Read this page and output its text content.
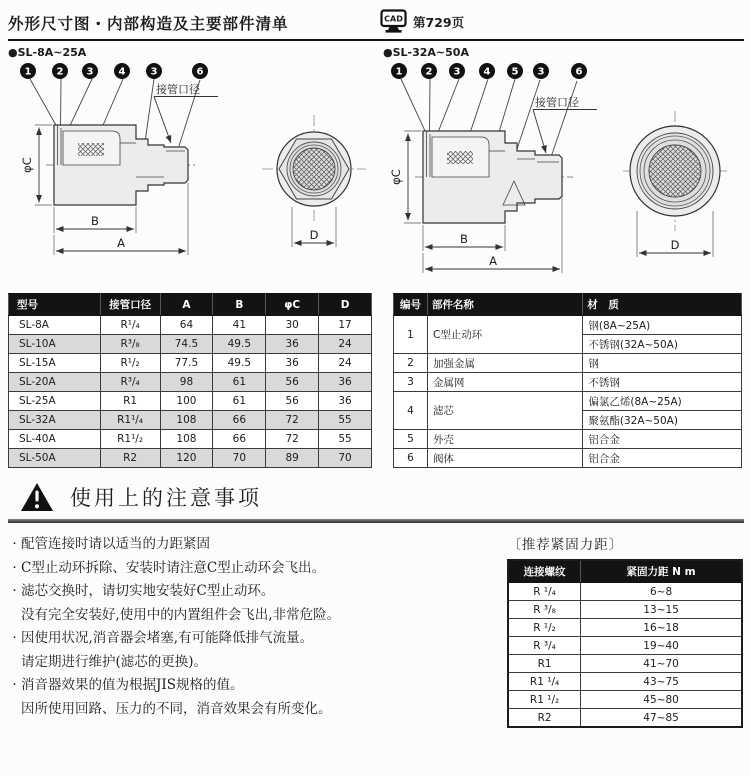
外形尺寸图・内部构造及主要部件清单	CAD 第729页
●SL-8A~25A
1	2 3	4	3	6
接管口径
φC
B
A
D
●SL-32A~50A
1 2 3 4 5 3	6
接管口径
φC
B
A
D
型号	接管口径	A	B	φC	D
SL-8A	R¹/₄	64	41	30	17
SL-10A	R³/₈	74.5	49.5	36	24
SL-15A	R¹/₂	77.5	49.5	36	24
SL-20A	R³/₄	98	61	56	36
SL-25A	R1	100	61	56	36
SL-32A	R1¹/₄	108	66	72	55
SL-40A	R1¹/₂	108	66	72	55
SL-50A	R2	120	70	89	70
编号	部件名称	材　质
1	C型止动环	钢(8A~25A)
		不锈钢(32A~50A)
2	加强金属	钢
3	金属网	不锈钢
4	滤芯	偏氯乙烯(8A~25A)
		聚氨酯(32A~50A)
5	外壳	铝合金
6	阀体	铝合金
使用上的注意事项
· 配管连接时请以适当的力距紧固
· C型止动环拆除、安装时请注意C型止动环会飞出。
· 滤芯交换时，请切实地安装好C型止动环。
没有完全安装好,使用中的内置组件会飞出,非常危险。
· 因使用状况,消音器会堵塞,有可能降低排气流量。
请定期进行维护(滤芯的更换)。
· 消音器效果的值为根据JIS规格的值。
因所使用回路、压力的不同，消音效果会有所变化。
〔推荐紧固力距〕
连接螺纹	紧固力距 N m
R ¹/₄	6~8
R ³/₈	13~15
R ¹/₂	16~18
R ³/₄	19~40
R1	41~70
R1 ¹/₄	43~75
R1 ¹/₂	45~80
R2	47~85
